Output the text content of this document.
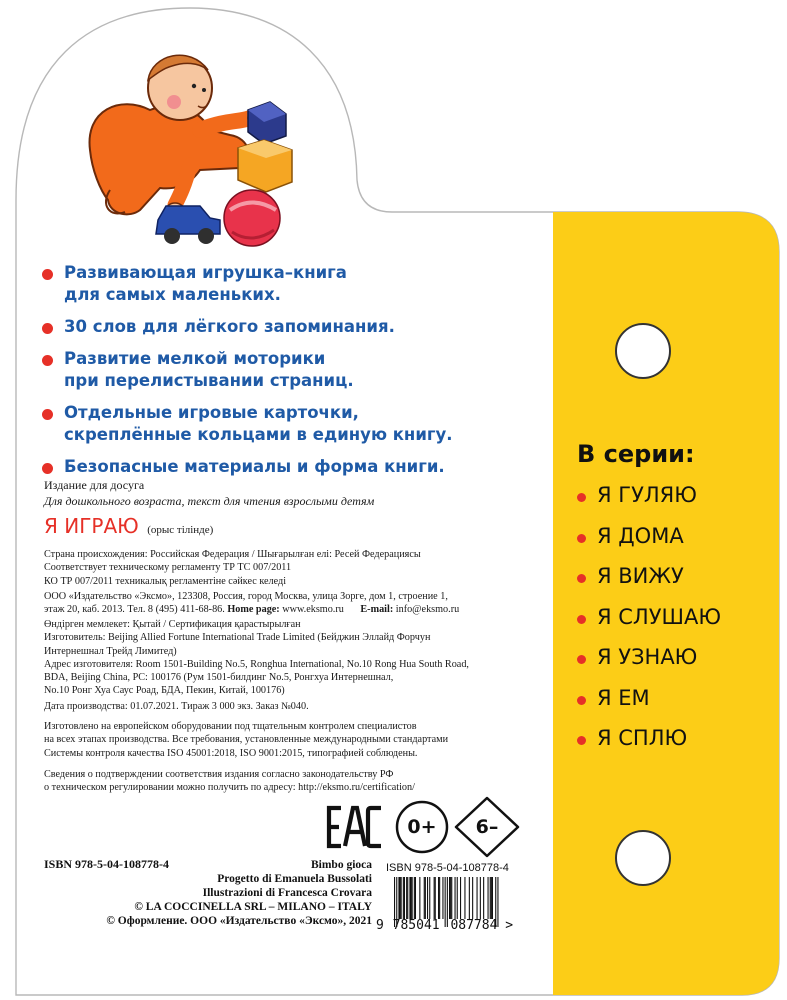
Развивающая игрушка–книга
для самых маленьких.
30 слов для лёгкого запоминания.
Развитие мелкой моторики
при перелистывании страниц.
Отдельные игровые карточки,
скреплённые кольцами в единую книгу.
Безопасные материалы и форма книги.
Издание для досуга
Для дошкольного возраста, текст для чтения взрослыми детям
Я ИГРАЮ (орыс тілінде)
Страна происхождения: Российская Федерация / Шығарылған елі: Ресей Федерациясы
Соответствует техническому регламенту ТР ТС 007/2011
КО ТР 007/2011 техникалық регламентіне сәйкес келеді
ООО «Издательство «Эксмо», 123308, Россия, город Москва, улица Зорге, дом 1, строение 1,
этаж 20, каб. 2013. Тел. 8 (495) 411-68-86. Home page: www.eksmo.ru E-mail: info@eksmo.ru
Өндірген мемлекет: Қытай / Сертификация қарастырылған
Изготовитель: Beijing Allied Fortune International Trade Limited (Бейджин Эллайд Форчун
Интернешнал Трейд Лимитед)
Адрес изготовителя: Room 1501-Building No.5, Ronghua International, No.10 Rong Hua South Road,
BDA, Beijing China, PC: 100176 (Рум 1501-билдинг No.5, Ронгхуа Интернешнал,
No.10 Ронг Хуа Саус Роад, БДА, Пекин, Китай, 100176)
Дата производства: 01.07.2021. Тираж 3 000 экз. Заказ №040.
Изготовлено на европейском оборудовании под тщательным контролем специалистов
на всех этапах производства. Все требования, установленные международными стандартами
Системы контроля качества ISO 45001:2018, ISO 9001:2015, типографией соблюдены.
Сведения о подтверждении соответствия издания согласно законодательству РФ
о техническом регулировании можно получить по адресу: http://eksmo.ru/certification/
0+ 6–
ISBN 978-5-04-108778-4	Bimbo gioca
Progetto di Emanuela Bussolati
Illustrazioni di Francesca Crovara
© LA COCCINELLA SRL – MILANO – ITALY
© Оформление. ООО «Издательство «Эксмо», 2021
ISBN 978-5-04-108778-4
9 785041 087784 >
В серии:
Я ГУЛЯЮ
Я ДОМА
Я ВИЖУ
Я СЛУШАЮ
Я УЗНАЮ
Я ЕМ
Я СПЛЮ
